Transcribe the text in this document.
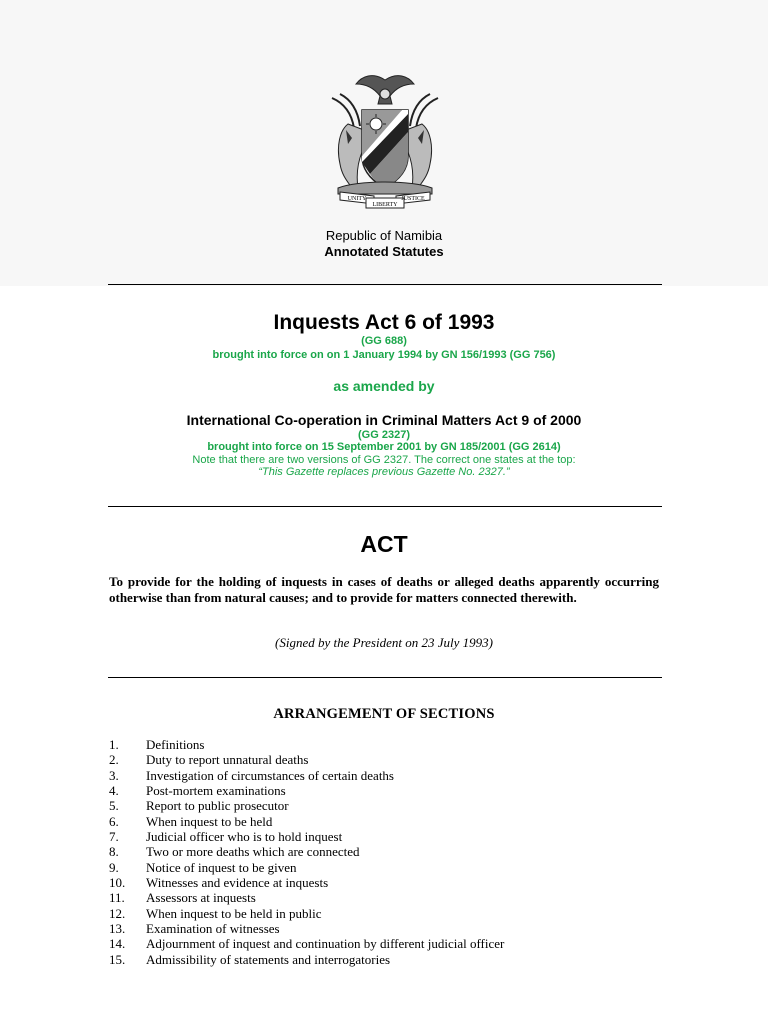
UNITY
LIBERTY
JUSTICE
Republic of Namibia
Annotated Statutes
Inquests Act 6 of 1993
(GG 688)
brought into force on on 1 January 1994 by GN 156/1993 (GG 756)
as amended by
International Co-operation in Criminal Matters Act 9 of 2000
(GG 2327)
brought into force on 15 September 2001 by GN 185/2001 (GG 2614)
Note that there are two versions of GG 2327. The correct one states at the top:
“This Gazette replaces previous Gazette No. 2327.”
ACT
To provide for the holding of inquests in cases of deaths or alleged deaths apparently occurring otherwise than from natural causes; and to provide for matters connected therewith.
(Signed by the President on 23 July 1993)
ARRANGEMENT OF SECTIONS
1.	Definitions
2.	Duty to report unnatural deaths
3.	Investigation of circumstances of certain deaths
4.	Post-mortem examinations
5.	Report to public prosecutor
6.	When inquest to be held
7.	Judicial officer who is to hold inquest
8.	Two or more deaths which are connected
9.	Notice of inquest to be given
10.	Witnesses and evidence at inquests
11.	Assessors at inquests
12.	When inquest to be held in public
13.	Examination of witnesses
14.	Adjournment of inquest and continuation by different judicial officer
15.	Admissibility of statements and interrogatories
